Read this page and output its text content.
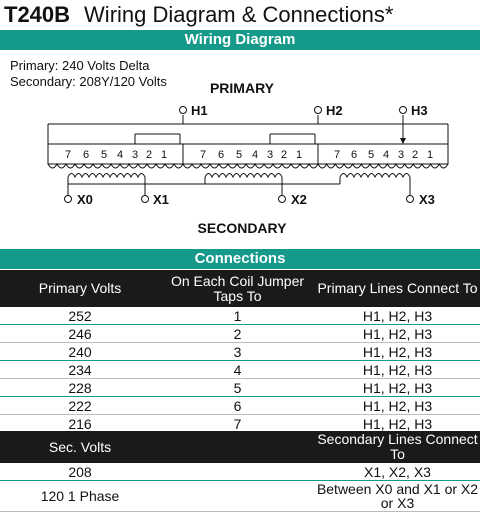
T240B Wiring Diagram & Connections*
Wiring Diagram
Primary: 240 Volts Delta
Secondary: 208Y/120 Volts	PRIMARY
SECONDARY
7 6 5 4 3 2 1	7 6 5 4 3 2 1	7 6 5 4 3 2 1
H1	H2	H3
X0	X1	X2	X3
Connections
Primary Volts	On Each Coil Jumper Taps To	Primary Lines Connect To
252	1	H1, H2, H3
246	2	H1, H2, H3
240	3	H1, H2, H3
234	4	H1, H2, H3
228	5	H1, H2, H3
222	6	H1, H2, H3
216	7	H1, H2, H3
Sec. Volts		Secondary Lines Connect To
208		X1, X2, X3
120 1 Phase		Between X0 and X1 or X2 or X3
